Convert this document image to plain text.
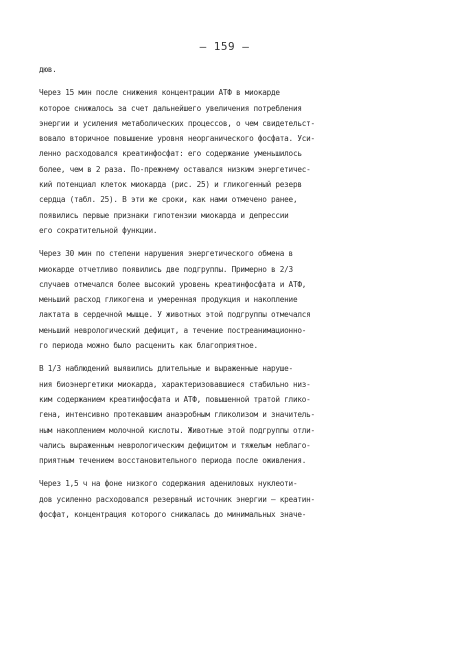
– 159 –
дюв.
Через 15 мин после снижения концентрации АТФ в миокарде
которое снижалось за счет дальнейшего увеличения потребления
энергии и усиления метаболических процессов, о чем свидетельст-
вовало вторичное повышение уровня неорганического фосфата. Уси-
ленно расходовался креатинфосфат: его содержание уменьшилось
более, чем в 2 раза. По-прежнему оставался низким энергетичес-
кий потенциал клеток миокарда (рис. 25) и гликогенный резерв
сердца (табл. 25). В эти же сроки, как нами отмечено ранее,
появились первые признаки гипотензии миокарда и депрессии
его сократительной функции.
Через 30 мин по степени нарушения энергетического обмена в
миокарде отчетливо появились две подгруппы. Примерно в 2/3
случаев отмечался более высокий уровень креатинфосфата и АТФ,
меньший расход гликогена и умеренная продукция и накопление
лактата в сердечной мышце. У животных этой подгруппы отмечался
меньший неврологический дефицит, а течение постреанимационно-
го периода можно было расценить как благоприятное.
В 1/3 наблюдений выявились длительные и выраженные наруше-
ния биоэнергетики миокарда, характеризовавшиеся стабильно низ-
ким содержанием креатинфосфата и АТФ, повышенной тратой глико-
гена, интенсивно протекавшим анаэробным гликолизом и значитель-
ным накоплением молочной кислоты. Животные этой подгруппы отли-
чались выраженным неврологическим дефицитом и тяжелым неблаго-
приятным течением восстановительного периода после оживления.
Через 1,5 ч на фоне низкого содержания адениловых нуклеоти-
дов усиленно расходовался резервный источник энергии – креатин-
фосфат, концентрация которого снижалась до минимальных значе-
